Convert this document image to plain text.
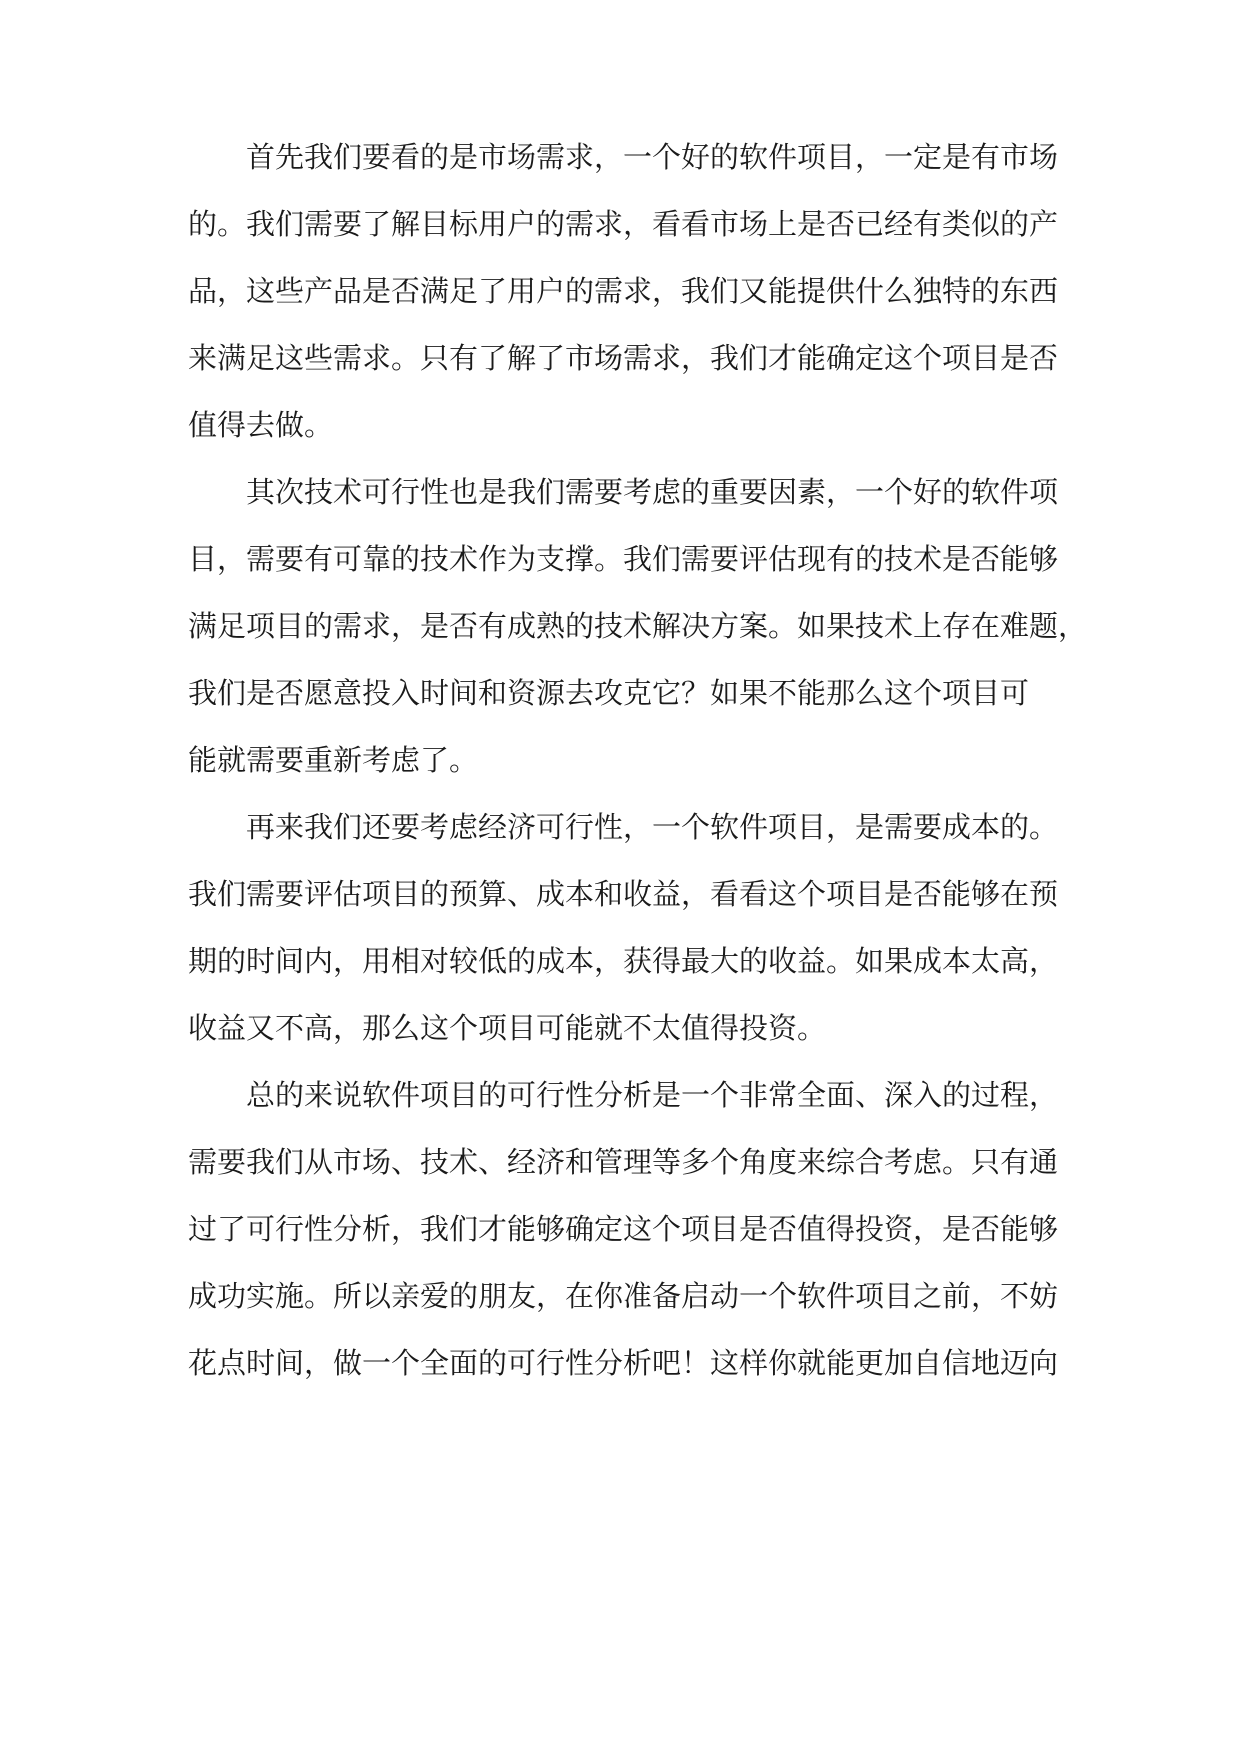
首先我们要看的是市场需求，一个好的软件项目，一定是有市场
的。我们需要了解目标用户的需求，看看市场上是否已经有类似的产
品，这些产品是否满足了用户的需求，我们又能提供什么独特的东西
来满足这些需求。只有了解了市场需求，我们才能确定这个项目是否
值得去做。
其次技术可行性也是我们需要考虑的重要因素，一个好的软件项
目，需要有可靠的技术作为支撑。我们需要评估现有的技术是否能够
满足项目的需求，是否有成熟的技术解决方案。如果技术上存在难题，
我们是否愿意投入时间和资源去攻克它？如果不能那么这个项目可
能就需要重新考虑了。
再来我们还要考虑经济可行性，一个软件项目，是需要成本的。
我们需要评估项目的预算、成本和收益，看看这个项目是否能够在预
期的时间内，用相对较低的成本，获得最大的收益。如果成本太高，
收益又不高，那么这个项目可能就不太值得投资。
总的来说软件项目的可行性分析是一个非常全面、深入的过程，
需要我们从市场、技术、经济和管理等多个角度来综合考虑。只有通
过了可行性分析，我们才能够确定这个项目是否值得投资，是否能够
成功实施。所以亲爱的朋友，在你准备启动一个软件项目之前，不妨
花点时间，做一个全面的可行性分析吧！这样你就能更加自信地迈向
